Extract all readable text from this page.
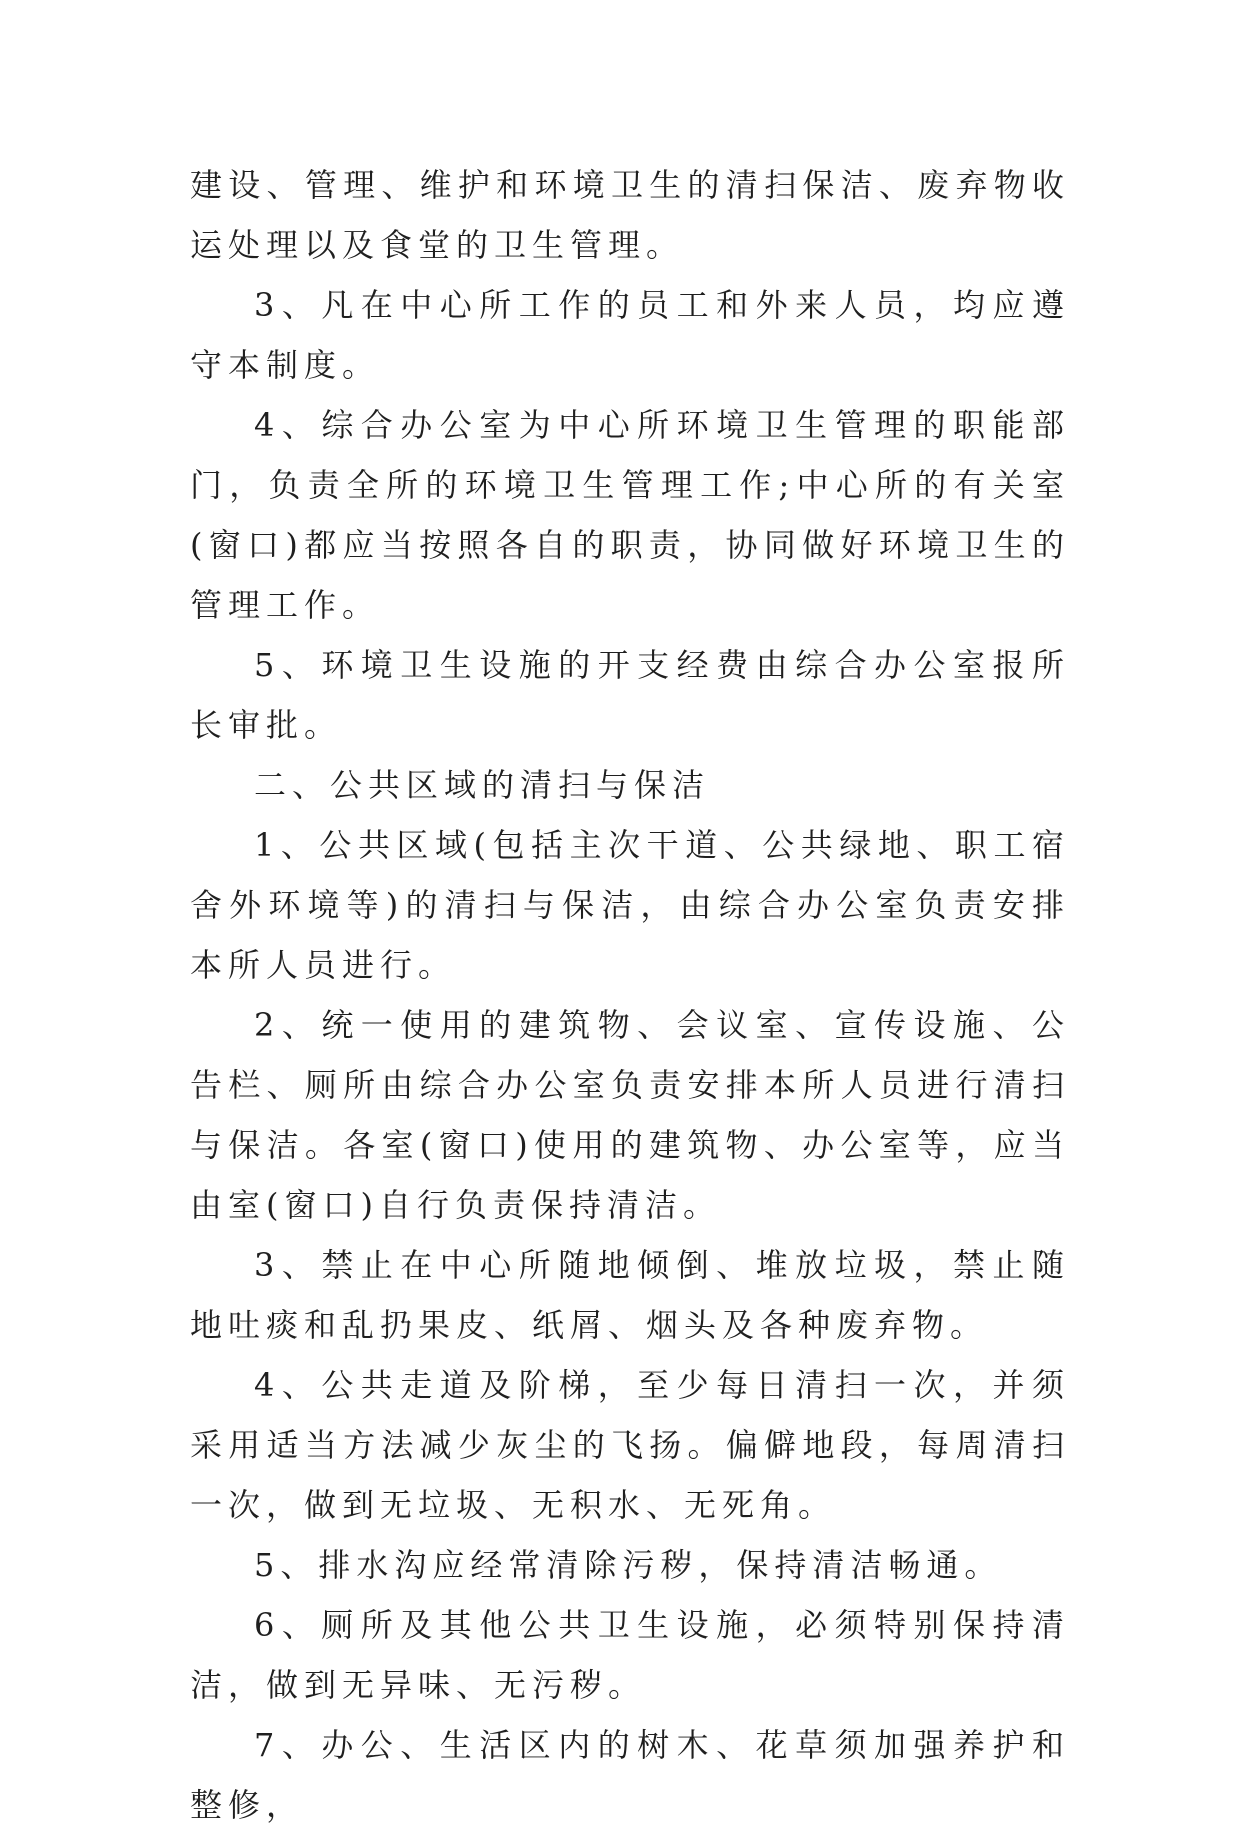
建设、管理、维护和环境卫生的清扫保洁、废弃物收运处理以及食堂的卫生管理。

3、凡在中心所工作的员工和外来人员，均应遵守本制度。

4、综合办公室为中心所环境卫生管理的职能部门，负责全所的环境卫生管理工作;中心所的有关室(窗口)都应当按照各自的职责，协同做好环境卫生的管理工作。

5、环境卫生设施的开支经费由综合办公室报所长审批。

二、公共区域的清扫与保洁

1、公共区域(包括主次干道、公共绿地、职工宿舍外环境等)的清扫与保洁，由综合办公室负责安排本所人员进行。

2、统一使用的建筑物、会议室、宣传设施、公告栏、厕所由综合办公室负责安排本所人员进行清扫与保洁。各室(窗口)使用的建筑物、办公室等，应当由室(窗口)自行负责保持清洁。

3、禁止在中心所随地倾倒、堆放垃圾，禁止随地吐痰和乱扔果皮、纸屑、烟头及各种废弃物。

4、公共走道及阶梯，至少每日清扫一次，并须采用适当方法减少灰尘的飞扬。偏僻地段，每周清扫一次，做到无垃圾、无积水、无死角。

5、排水沟应经常清除污秽，保持清洁畅通。

6、厕所及其他公共卫生设施，必须特别保持清洁，做到无异味、无污秽。

7、办公、生活区内的树木、花草须加强养护和整修，
